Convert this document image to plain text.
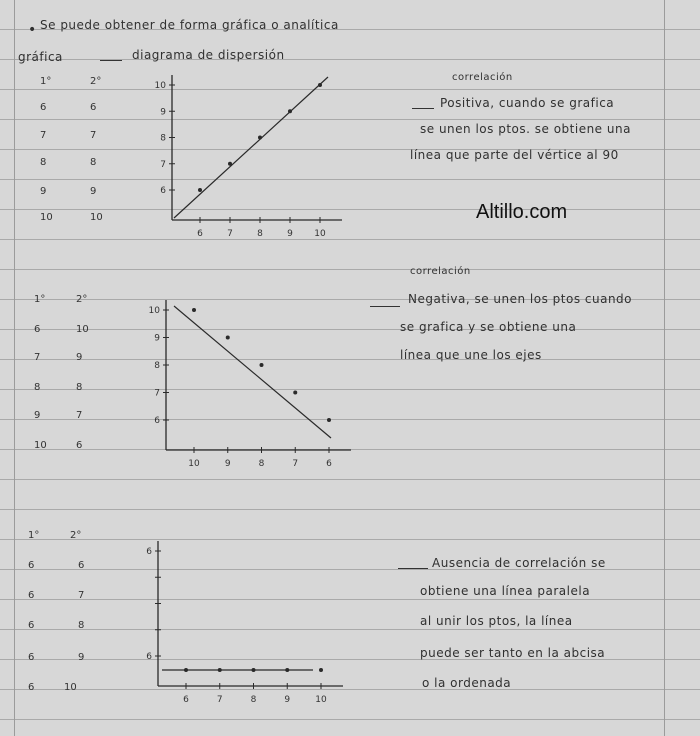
• Se puede obtener de forma gráfica o analítica
gráfica	diagrama de dispersión
Altillo.com
1°	2°
6	6
7	7
8	8
9	9
10	10
6	7	8	9 10
10
9
8
7
6
correlación
Positiva, cuando se grafica
se unen los ptos. se obtiene una
línea que parte del vértice al 90
correlación
1°	2°
6	10
7	9
8	8
9	7
10	6
10	9	8	7	6
10
9
8
7
6
Negativa, se unen los ptos cuando
se grafica y se obtiene una
línea que une los ejes
1°	2°
6	6
6	7
6	8
6	9
6	10
6	7	8	9	10
6
6
Ausencia de correlación se
obtiene una línea paralela
al unir los ptos, la línea
puede ser tanto en la abcisa
o la ordenada
